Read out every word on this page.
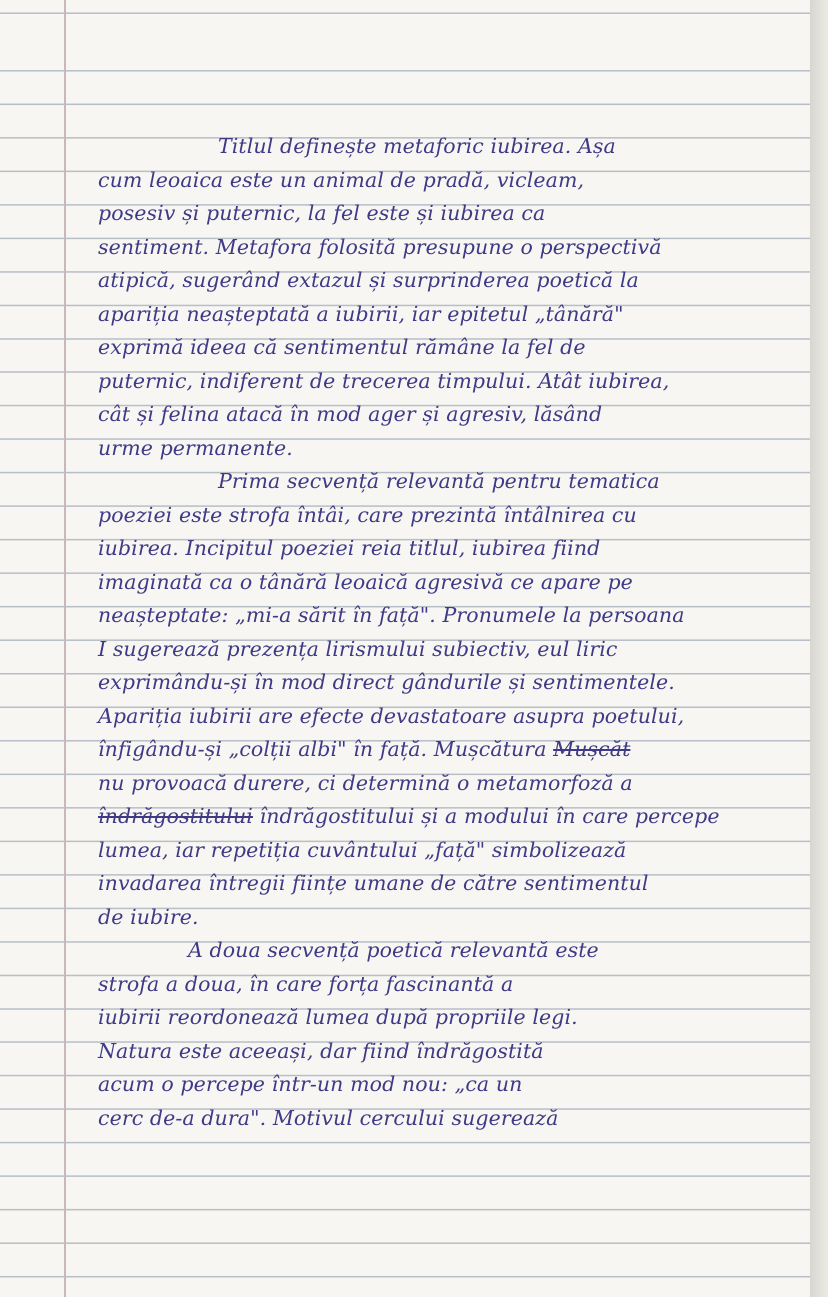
Titlul definește metaforic iubirea. Așa
cum leoaica este un animal de pradă, vicleam,
posesiv și puternic, la fel este și iubirea ca
sentiment. Metafora folosită presupune o perspectivă
atipică, sugerând extazul și surprinderea poetică la
apariția neașteptată a iubirii, iar epitetul „tânără"
exprimă ideea că sentimentul rămâne la fel de
puternic, indiferent de trecerea timpului. Atât iubirea,
cât și felina atacă în mod ager și agresiv, lăsând
urme permanente.
Prima secvență relevantă pentru tematica
poeziei este strofa întâi, care prezintă întâlnirea cu
iubirea. Incipitul poeziei reia titlul, iubirea fiind
imaginată ca o tânără leoaică agresivă ce apare pe
neașteptate: „mi-a sărit în față". Pronumele la persoana
I sugerează prezența lirismului subiectiv, eul liric
exprimându-și în mod direct gândurile și sentimentele.
Apariția iubirii are efecte devastatoare asupra poetului,
înfigându-și „colții albi" în față. Mușcătura Mușcăt
nu provoacă durere, ci determină o metamorfoză a
îndrăgostitului îndrăgostitului și a modului în care percepe
lumea, iar repetiția cuvântului „față" simbolizează
invadarea întregii ființe umane de către sentimentul
de iubire.
A doua secvență poetică relevantă este
strofa a doua, în care forța fascinantă a
iubirii reordonează lumea după propriile legi.
Natura este aceeași, dar fiind îndrăgostită
acum o percepe într-un mod nou: „ca un
cerc de-a dura". Motivul cercului sugerează
